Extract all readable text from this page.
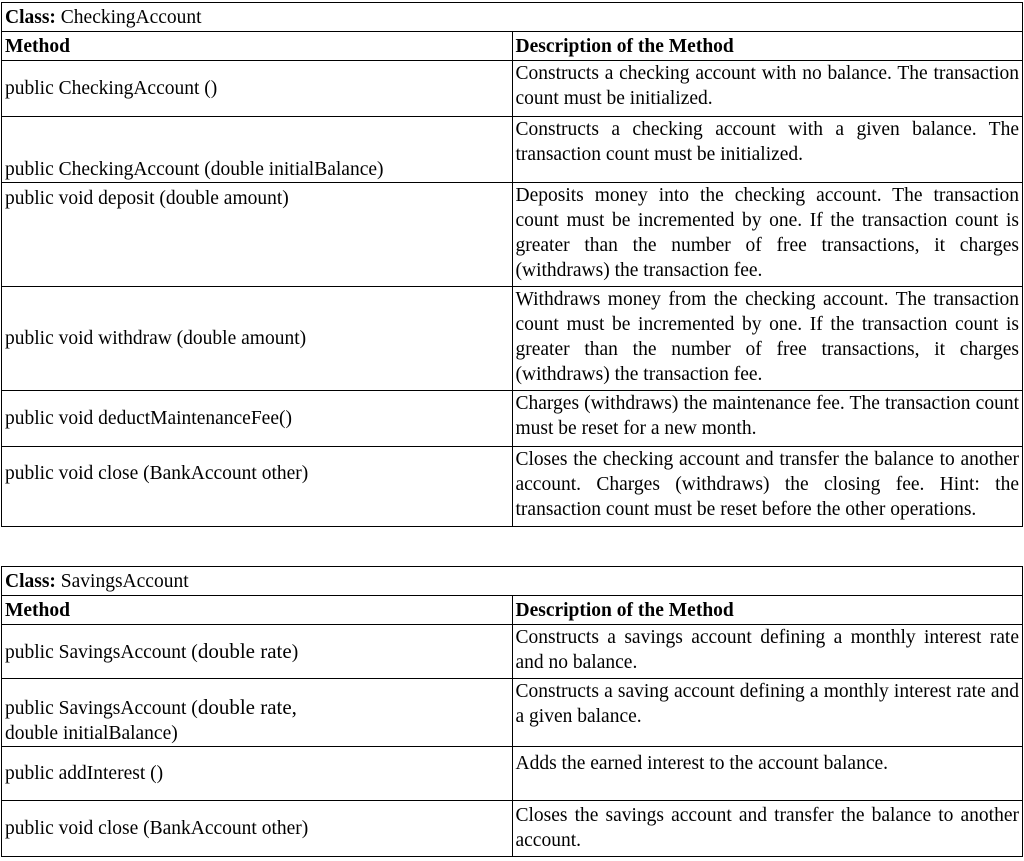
Class: CheckingAccount	
Method	Description of the Method
public CheckingAccount ()	Constructs a checking account with no balance. The transaction count must be initialized.
public CheckingAccount (double initialBalance)	Constructs a checking account with a given balance. The transaction count must be initialized.
public void deposit (double amount)	Deposits money into the checking account. The transaction count must be incremented by one. If the transaction count is greater than the number of free transactions, it charges (withdraws) the transaction fee.
public void withdraw (double amount)	Withdraws money from the checking account. The transaction count must be incremented by one. If the transaction count is greater than the number of free transactions, it charges (withdraws) the transaction fee.
public void deductMaintenanceFee()	Charges (withdraws) the maintenance fee. The transaction count must be reset for a new month.

public void close (BankAccount other)	Closes the checking account and transfer the balance to another account. Charges (withdraws) the closing fee. Hint: the transaction count must be reset before the other operations.
Class: SavingsAccount	
Method	Description of the Method
public SavingsAccount (double rate)	Constructs a savings account defining a monthly interest rate and no balance.
public SavingsAccount (double rate,
double initialBalance)	Constructs a saving account defining a monthly interest rate and a given balance.
public addInterest ()	Adds the earned interest to the account balance.

public void close (BankAccount other)	Closes the savings account and transfer the balance to another account.
